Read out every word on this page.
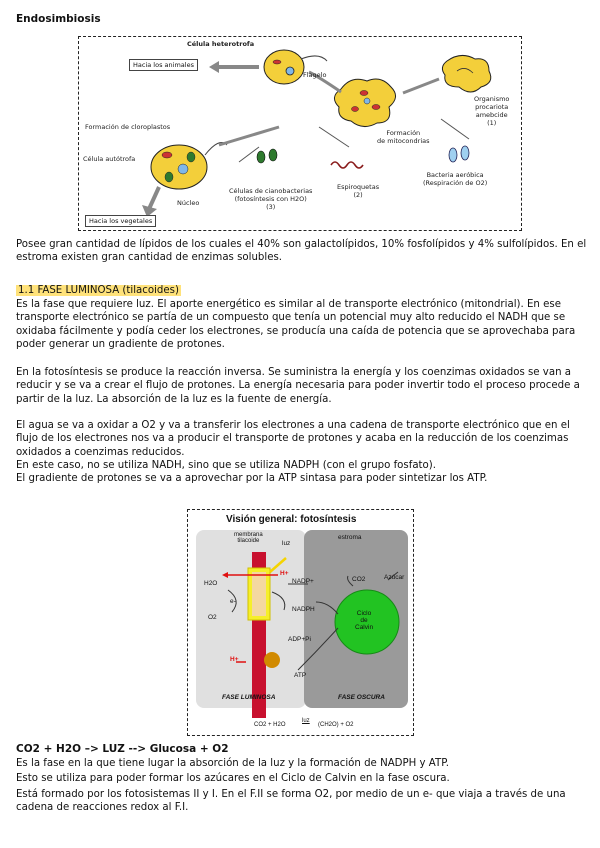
Endosimbiosis
Célula heterotrofa
Hacia los animales
Flagelo
Organismo
procariota
amebcide
(1)
Formación de cloroplastos
Formación
de mitocondrias
Célula autótrofa
Núcleo
Células de cianobacterias
(fotosíntesis con H2O)
(3)
Espiroquetas
(2)
Bacteria aeróbica
(Respiración de O2)
Hacia los vegetales
Posee gran cantidad de lípidos de los cuales el 40% son galactolípidos, 10% fosfolípidos y 4% sulfolípidos. En el estroma existen gran cantidad de enzimas solubles.
1.1 FASE LUMINOSA (tilacoides)
Es la fase que requiere luz. El aporte energético es similar al de transporte electrónico (mitondrial). En ese transporte electrónico se partía de un compuesto que tenía un potencial muy alto reducido el NADH que se oxidaba fácilmente y podía ceder los electrones, se producía una caída de potencia que se aprovechaba para poder generar un gradiente de protones.
En la fotosíntesis se produce la reacción inversa. Se suministra la energía y los coenzimas oxidados se van a reducir y se va a crear el flujo de protones. La energía necesaria para poder invertir todo el proceso procede a partir de la luz. La absorción de la luz es la fuente de energía.
El agua se va a oxidar a O2 y va a transferir los electrones a una cadena de transporte electrónico que en el flujo de los electrones nos va a producir el transporte de protones y acaba en la reducción de los coenzimas oxidados a coenzimas reducidos.
En este caso, no se utiliza NADH, sino que se utiliza NADPH (con el grupo fosfato).
El gradiente de protones se va a aprovechar por la ATP sintasa para poder sintetizar los ATP.
Visión general: fotosíntesis
membrana
tilacoide	luz
estroma
H2O
O2
H+
H+
e-
NADP+
NADPH
ADP+Pi
ATP
CO2	Azúcar
Ciclo
de
Calvin
FASE LUMINOSA	FASE OSCURA
CO2 + H2O
luz
(CH2O) + O2
CO2 + H2O –> LUZ --> Glucosa + O2
Es la fase en la que tiene lugar la absorción de la luz y la formación de NADPH y ATP.
Esto se utiliza para poder formar los azúcares en el Ciclo de Calvin en la fase oscura.
Está formado por los fotosistemas II y I. En el F.II se forma O2, por medio de un e- que viaja a través de una cadena de reacciones redox al F.I.
